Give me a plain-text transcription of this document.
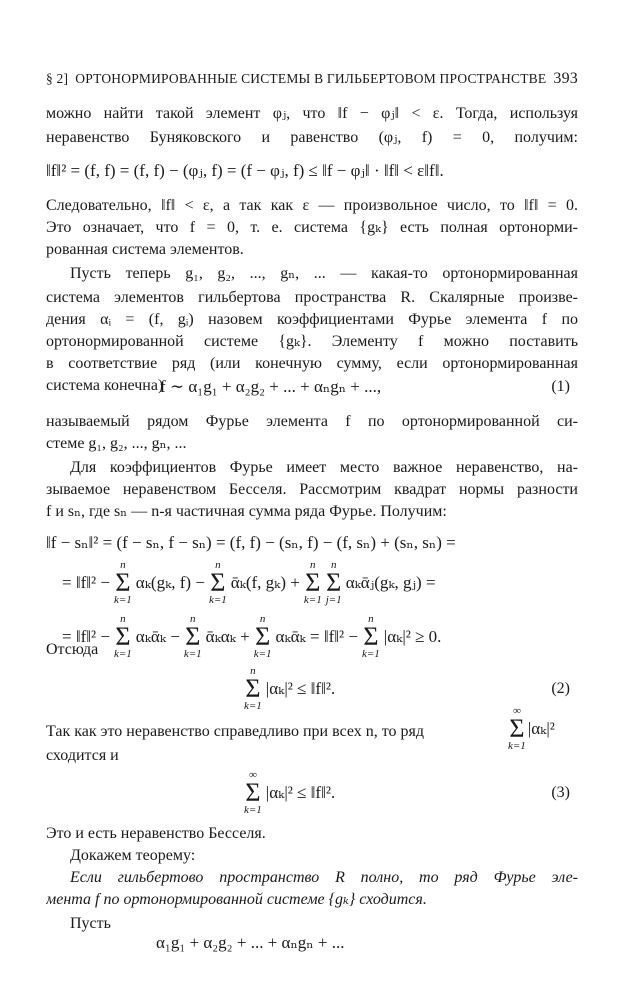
§ 2] ОРТОНОРМИРОВАННЫЕ СИСТЕМЫ В ГИЛЬБЕРТОВОМ ПРОСТРАНСТВЕ 393
можно найти такой элемент φⱼ, что ‖f − φⱼ‖ < ε. Тогда, используя
неравенство Буняковского и равенство (φⱼ, f) = 0, получим:
‖f‖² = (f, f) = (f, f) − (φⱼ, f) = (f − φⱼ, f) ≤ ‖f − φⱼ‖ · ‖f‖ < ε‖f‖.
Следовательно, ‖f‖ < ε, а так как ε — произвольное число, то ‖f‖ = 0.
Это означает, что f = 0, т. е. система {gₖ} есть полная ортонорми-
рованная система элементов.
Пусть теперь g₁, g₂, ..., gₙ, ... — какая-то ортонормированная
система элементов гильбертова пространства R. Скалярные произве-
дения αᵢ = (f, gᵢ) назовем коэффициентами Фурье элемента f по
ортонормированной системе {gₖ}. Элементу f можно поставить
в соответствие ряд (или конечную сумму, если ортонормированная
система конечна)
f ∼ α₁g₁ + α₂g₂ + ... + αₙgₙ + ...,	(1)
называемый рядом Фурье элемента f по ортонормированной си-
стеме g₁, g₂, ..., gₙ, ...
Для коэффициентов Фурье имеет место важное неравенство, на-
зываемое неравенством Бесселя. Рассмотрим квадрат нормы разности
f и sₙ, где sₙ — n-я частичная сумма ряда Фурье. Получим:
‖f − sₙ‖² = (f − sₙ, f − sₙ) = (f, f) − (sₙ, f) − (f, sₙ) + (sₙ, sₙ) =
= ‖f‖² −
n
Σ
k=1
αₖ(gₖ, f) −
n
Σ
k=1
ᾱₖ(f, gₖ) +
n
Σ
k=1
n
Σ
j=1
αₖᾱⱼ(gₖ, gⱼ) =
= ‖f‖² −
n
Σ
k=1
αₖᾱₖ −
n
Σ
k=1
ᾱₖαₖ +
n
Σ
k=1
αₖᾱₖ = ‖f‖² −
n
Σ
k=1
|αₖ|² ≥ 0.
Отсюда
n
Σ
k=1
|αₖ|² ≤ ‖f‖².	(2)
Так как это неравенство справедливо при всех n, то ряд
∞
Σ
k=1
|αₖ|²
сходится и
∞
Σ
k=1
|αₖ|² ≤ ‖f‖².	(3)
Это и есть неравенство Бесселя.
Докажем теорему:
Если гильбертово пространство R полно, то ряд Фурье эле-
мента f по ортонормированной системе {gₖ} сходится.
Пусть
α₁g₁ + α₂g₂ + ... + αₙgₙ + ...
